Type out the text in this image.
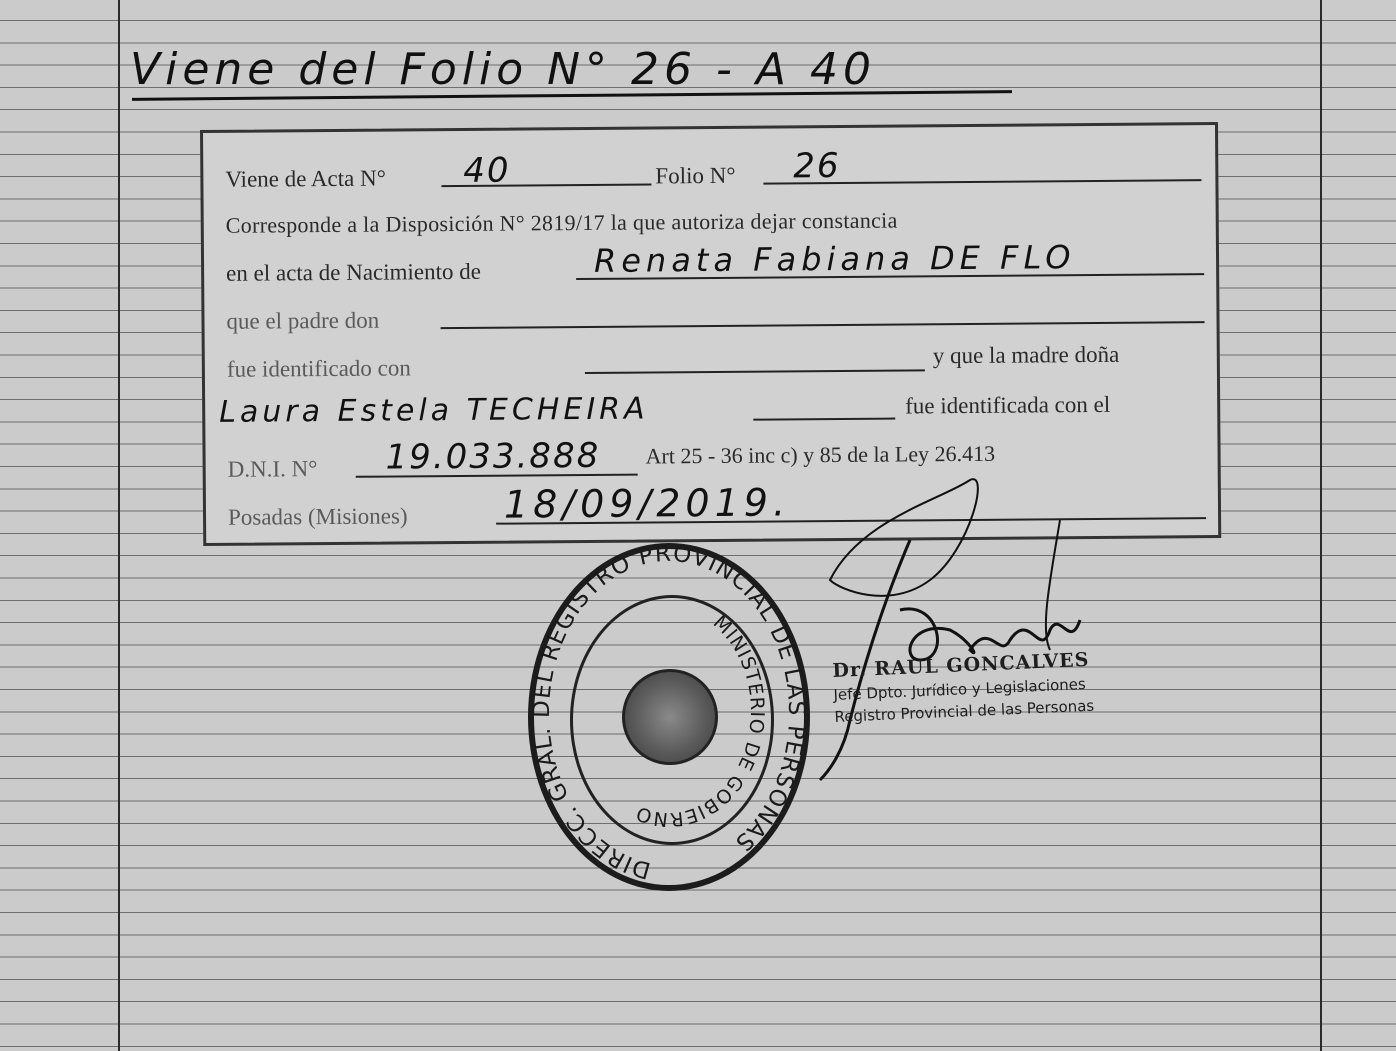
Viene del Folio N° 26 - A 40
Viene de Acta N° 40	Folio N° 26
Corresponde a la Disposición N° 2819/17 la que autoriza dejar constancia
en el acta de Nacimiento de	Renata Fabiana DE FLO
que el padre don
fue identificado con
y que la madre doña
Laura Estela TECHEIRA	fue identificada con el
D.N.I. N° 19.033.888 Art 25 - 36 inc c) y 85 de la Ley 26.413
Posadas (Misiones)	18/09/2019.
DIRECC. GRAL. DEL REGISTRO PROVINCIAL DE LAS PERSONAS
MINISTERIO DE GOBIERNO
Dr. RAUL GONCALVES
Jefe Dpto. Jurídico y Legislaciones
Registro Provincial de las Personas
